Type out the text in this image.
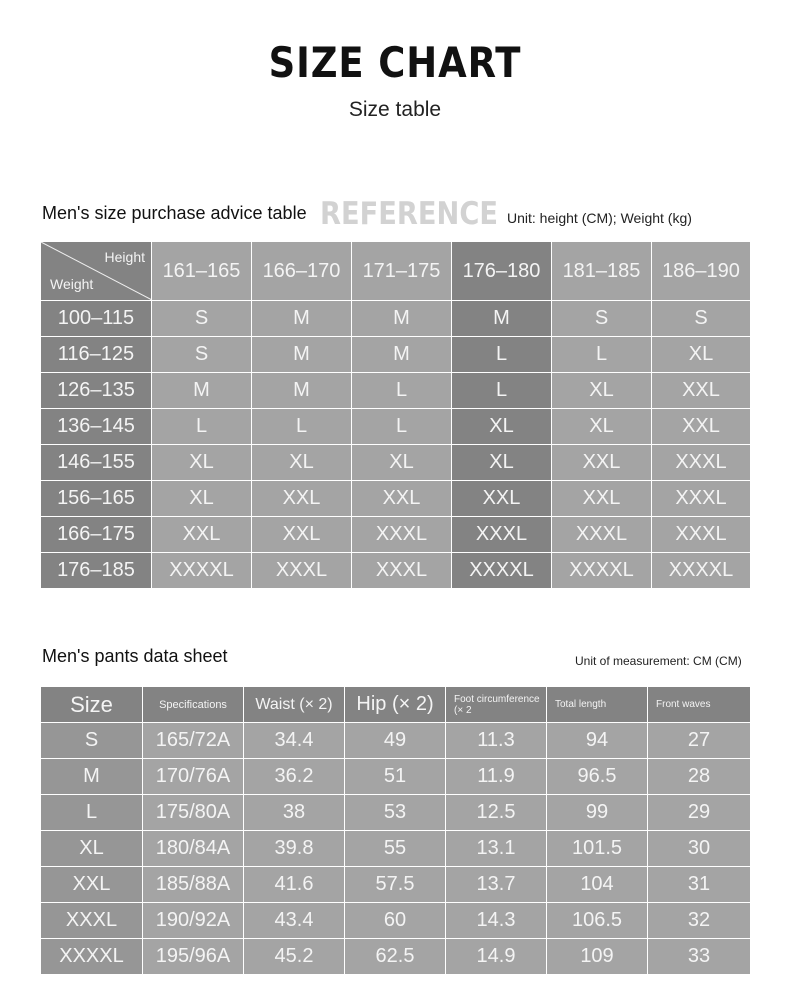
SIZE CHART
Size table
Men's size purchase advice table REFERENCE Unit: height (CM); Weight (kg)
Height
Weight	161–165	166–170	171–175	176–180	181–185	186–190
100–115	S	M	M	M	S	S
116–125	S	M	M	L	L	XL
126–135	M	M	L	L	XL	XXL
136–145	L	L	L	XL	XL	XXL
146–155	XL	XL	XL	XL	XXL	XXXL
156–165	XL	XXL	XXL	XXL	XXL	XXXL
166–175	XXL	XXL	XXXL	XXXL	XXXL	XXXL
176–185	XXXXL	XXXL	XXXL	XXXXL	XXXXL	XXXXL
Men's pants data sheet	Unit of measurement: CM (CM)
Size	Specifications	Waist (× 2)	Hip (× 2)	Foot circumference (× 2	Total length	Front waves
S	165/72A	34.4	49	11.3	94	27
M	170/76A	36.2	51	11.9	96.5	28
L	175/80A	38	53	12.5	99	29
XL	180/84A	39.8	55	13.1	101.5	30
XXL	185/88A	41.6	57.5	13.7	104	31
XXXL	190/92A	43.4	60	14.3	106.5	32
XXXXL	195/96A	45.2	62.5	14.9	109	33
